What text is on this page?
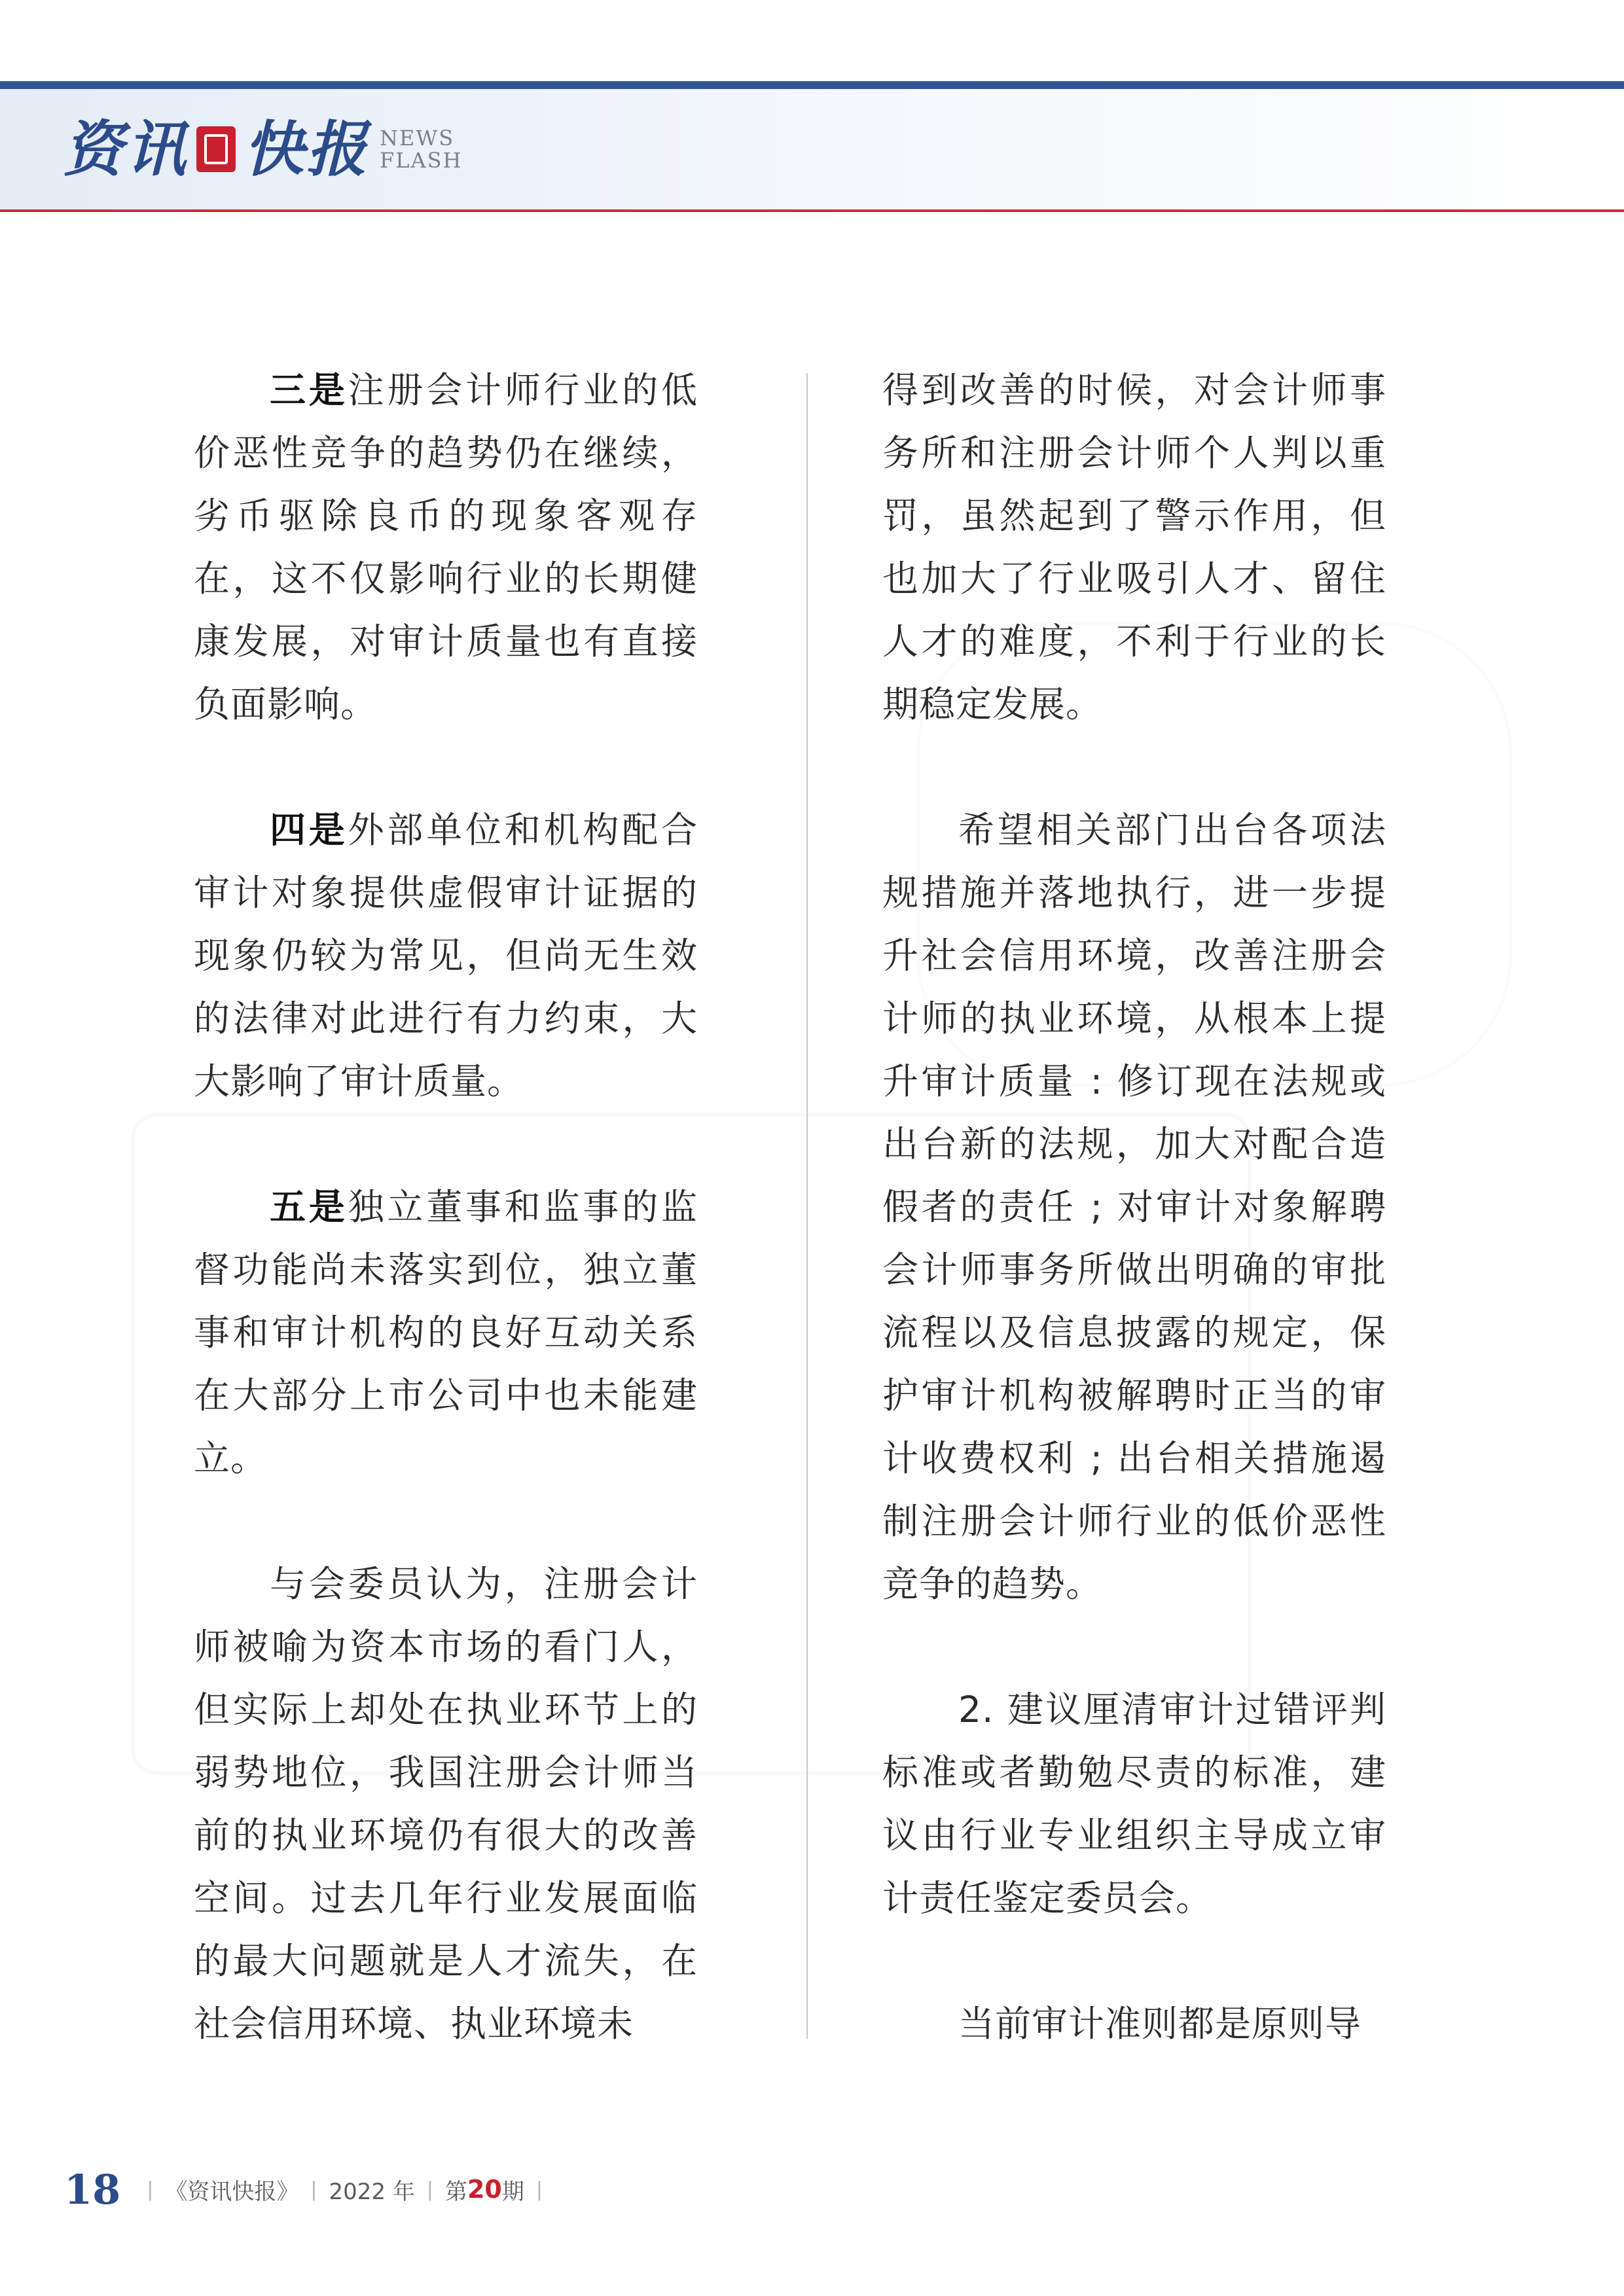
资讯 快报 NEWS
FLASH

三是注册会计师行业的低价恶性竞争的趋势仍在继续，劣币驱除良币的现象客观存在，这不仅影响行业的长期健康发展，对审计质量也有直接负面影响。

四是外部单位和机构配合审计对象提供虚假审计证据的现象仍较为常见，但尚无生效的法律对此进行有力约束，大大影响了审计质量。

五是独立董事和监事的监督功能尚未落实到位，独立董事和审计机构的良好互动关系在大部分上市公司中也未能建立。

与会委员认为，注册会计师被喻为资本市场的看门人，但实际上却处在执业环节上的弱势地位，我国注册会计师当前的执业环境仍有很大的改善空间。过去几年行业发展面临的最大问题就是人才流失，在社会信用环境、执业环境未

得到改善的时候，对会计师事务所和注册会计师个人判以重罚，虽然起到了警示作用，但也加大了行业吸引人才、留住人才的难度，不利于行业的长期稳定发展。

希望相关部门出台各项法规措施并落地执行，进一步提升社会信用环境，改善注册会计师的执业环境，从根本上提升审计质量 : 修订现在法规或出台新的法规，加大对配合造假者的责任 ; 对审计对象解聘会计师事务所做出明确的审批流程以及信息披露的规定，保护审计机构被解聘时正当的审计收费权利 ; 出台相关措施遏制注册会计师行业的低价恶性竞争的趋势。

2. 建议厘清审计过错评判标准或者勤勉尽责的标准，建议由行业专业组织主导成立审计责任鉴定委员会。

当前审计准则都是原则导

18 | 《资讯快报》 | 2022 年 | 第 20 期 |
